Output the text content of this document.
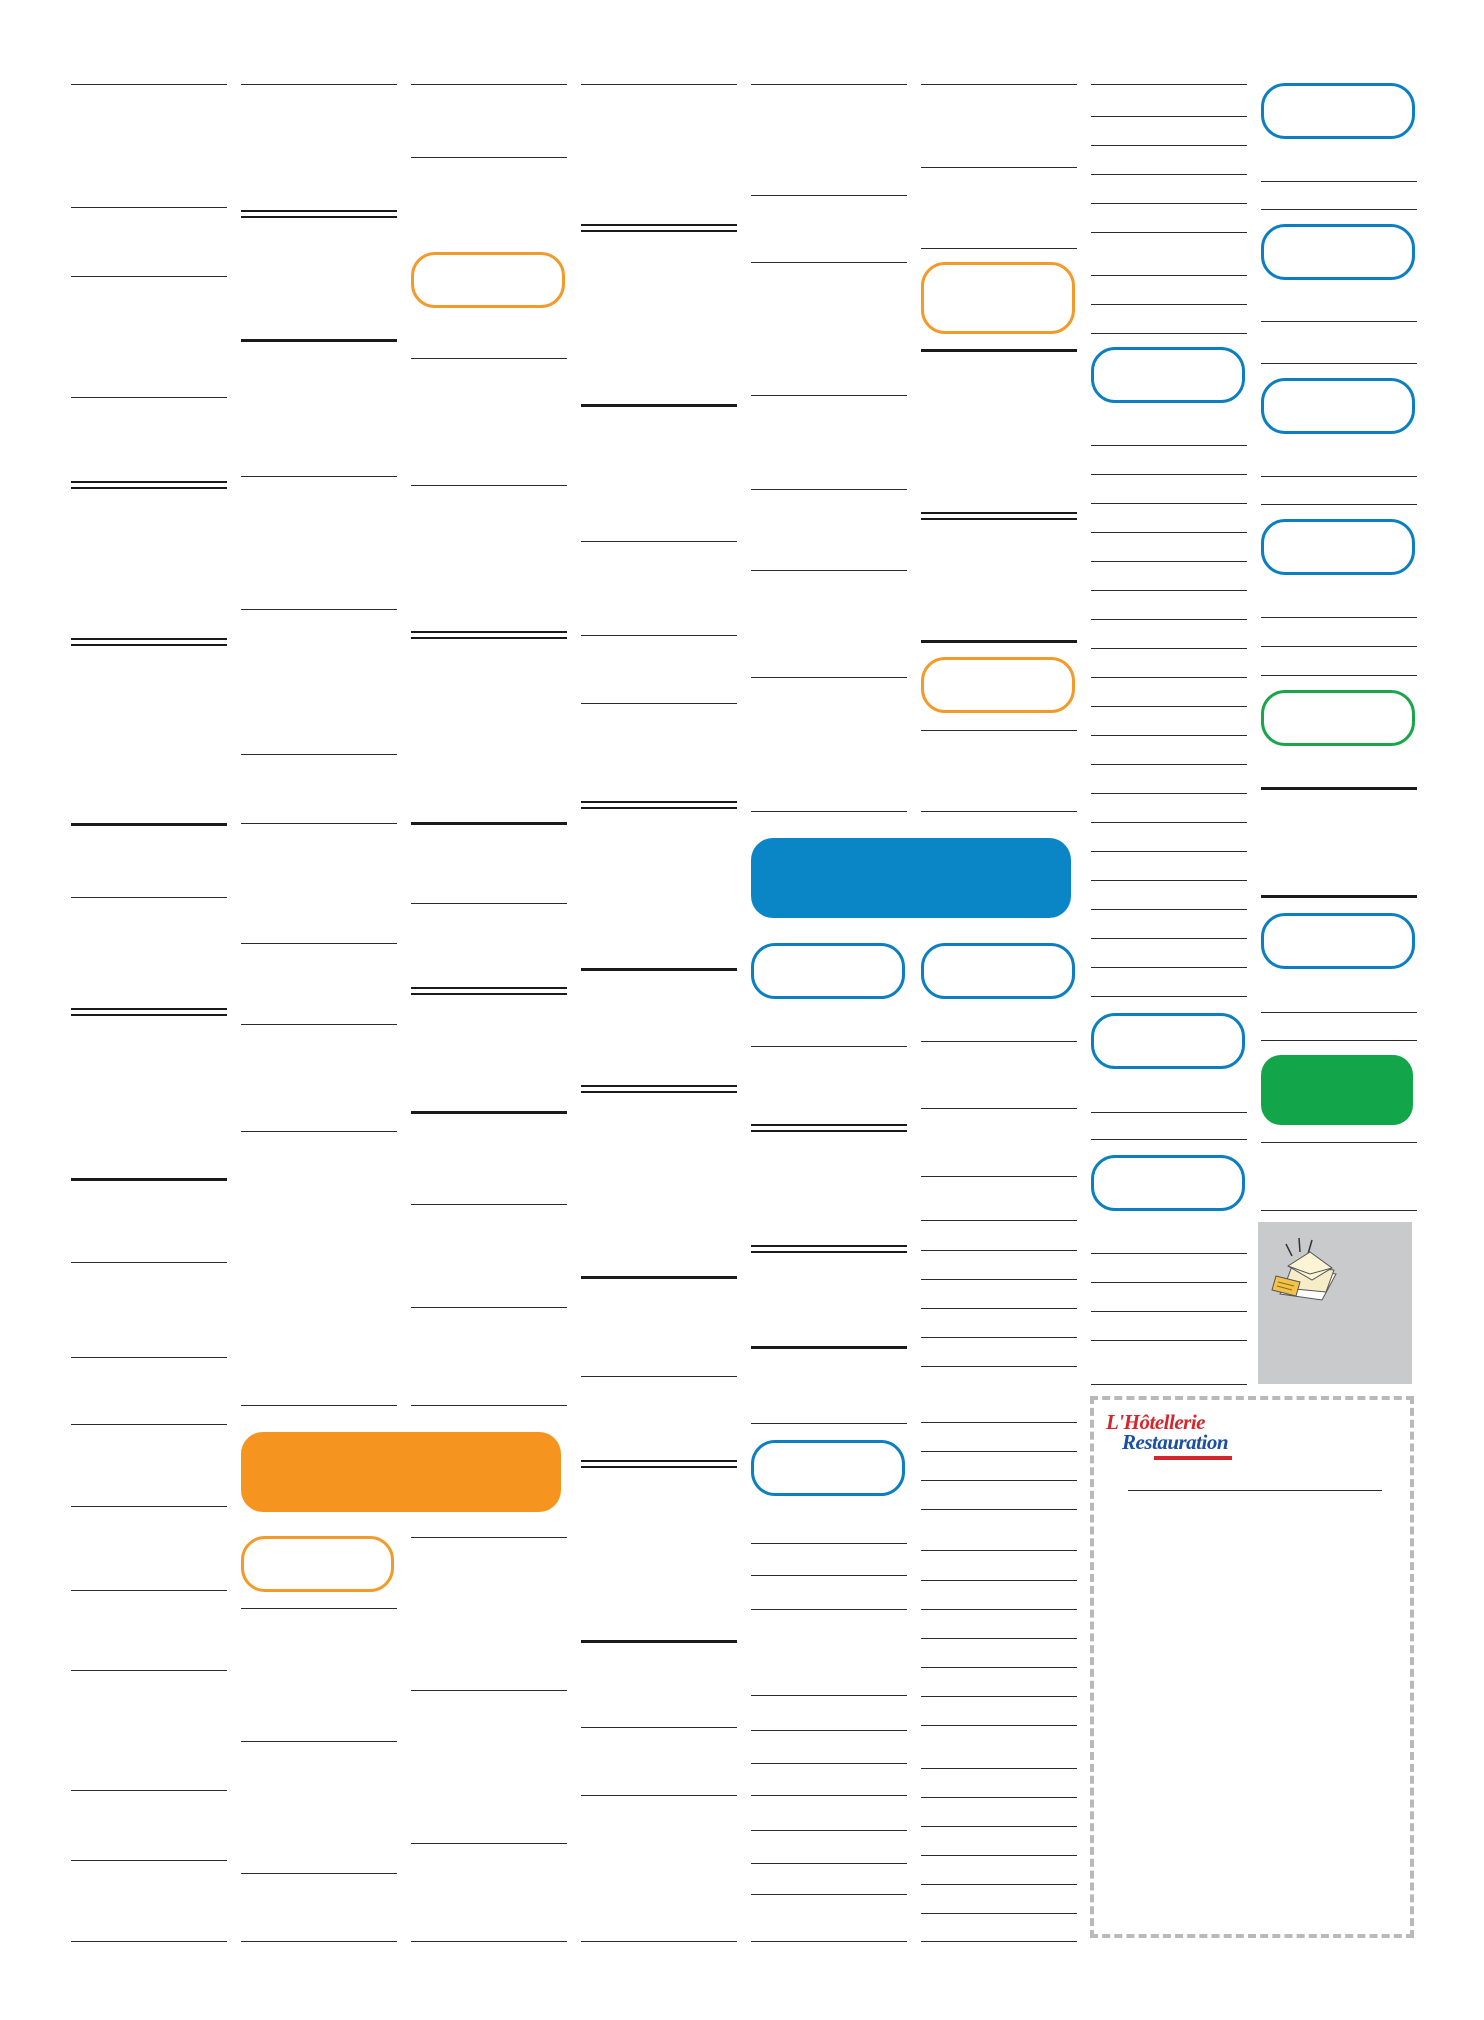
L'Hôtellerie
Restauration
